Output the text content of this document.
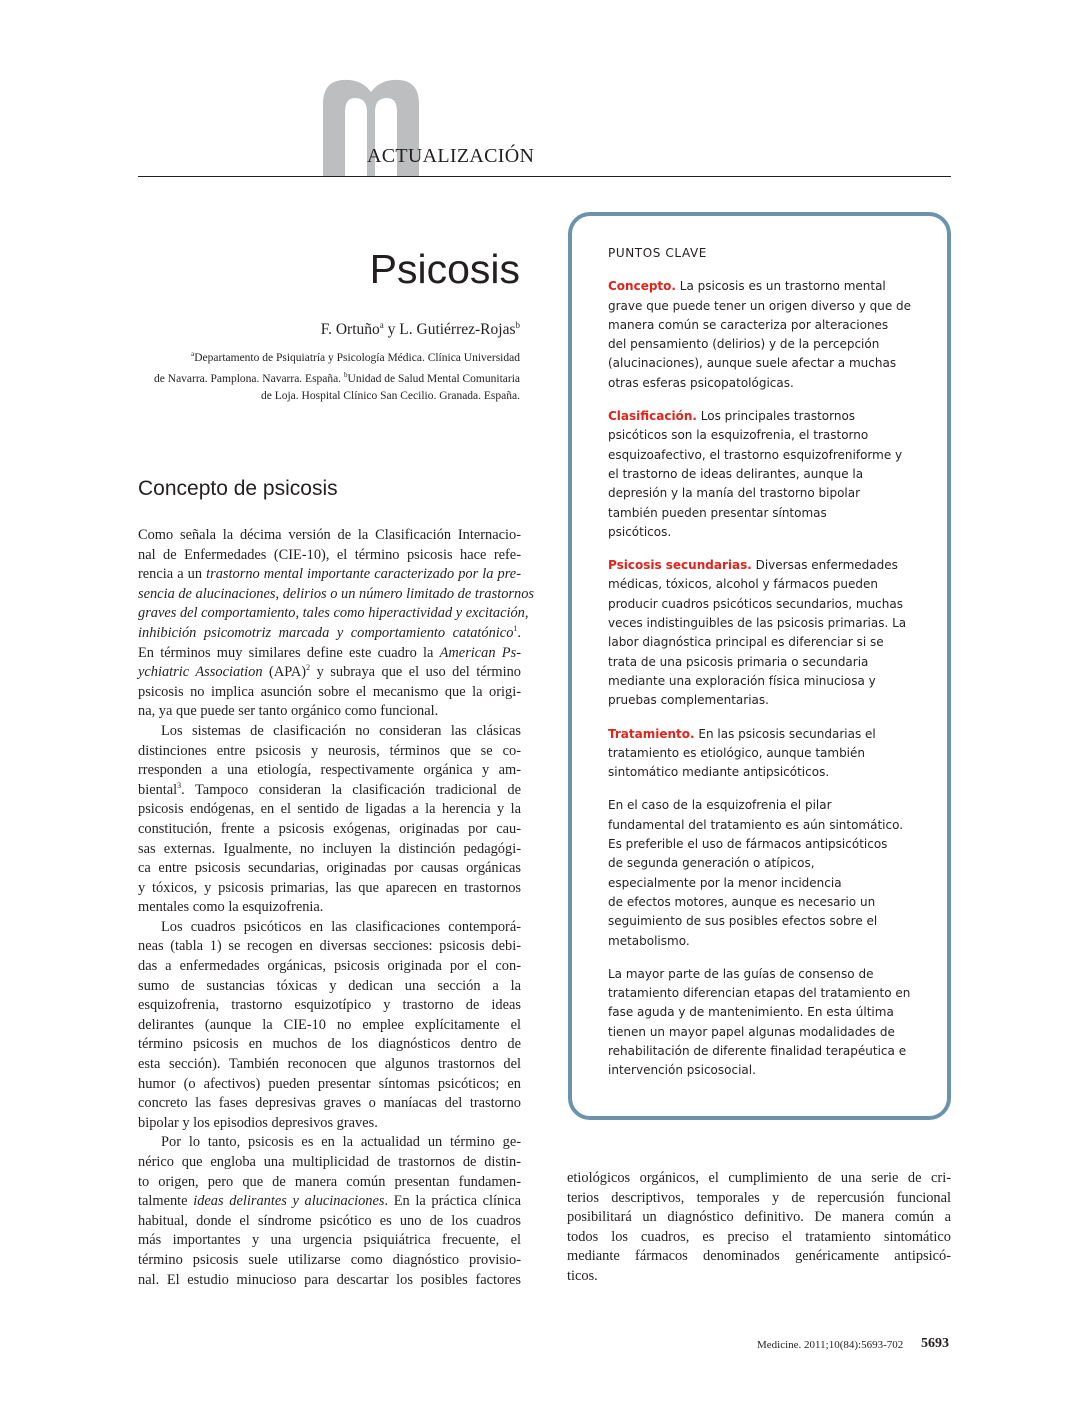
ACTUALIZACIÓN
Psicosis
F. Ortuño$^a$ y L. Gutiérrez-Rojas$^b$
$^a$Departamento de Psiquiatría y Psicología Médica. Clínica Universidad
de Navarra. Pamplona. Navarra. España. $^b$Unidad de Salud Mental Comunitaria
de Loja. Hospital Clínico San Cecilio. Granada. España.
Concepto de psicosis

Como señala la décima versión de la Clasificación Internacio-
nal de Enfermedades (CIE-10), el término psicosis hace refe-
rencia a un trastorno mental importante caracterizado por la pre-
sencia de alucinaciones, delirios o un número limitado de trastornos
graves del comportamiento, tales como hiperactividad y excitación,
inhibición psicomotriz marcada y comportamiento catatónico$^1$.
En términos muy similares define este cuadro la American Ps-
ychiatric Association (APA)$^2$ y subraya que el uso del término
psicosis no implica asunción sobre el mecanismo que la origi-
na, ya que puede ser tanto orgánico como funcional.

Los sistemas de clasificación no consideran las clásicas
distinciones entre psicosis y neurosis, términos que se co-
rresponden a una etiología, respectivamente orgánica y am-
biental$^3$. Tampoco consideran la clasificación tradicional de
psicosis endógenas, en el sentido de ligadas a la herencia y la
constitución, frente a psicosis exógenas, originadas por cau-
sas externas. Igualmente, no incluyen la distinción pedagógi-
ca entre psicosis secundarias, originadas por causas orgánicas
y tóxicos, y psicosis primarias, las que aparecen en trastornos
mentales como la esquizofrenia.

Los cuadros psicóticos en las clasificaciones contemporá-
neas (tabla 1) se recogen en diversas secciones: psicosis debi-
das a enfermedades orgánicas, psicosis originada por el con-
sumo de sustancias tóxicas y dedican una sección a la
esquizofrenia, trastorno esquizotípico y trastorno de ideas
delirantes (aunque la CIE-10 no emplee explícitamente el
término psicosis en muchos de los diagnósticos dentro de
esta sección). También reconocen que algunos trastornos del
humor (o afectivos) pueden presentar síntomas psicóticos; en
concreto las fases depresivas graves o maníacas del trastorno
bipolar y los episodios depresivos graves.

Por lo tanto, psicosis es en la actualidad un término ge-
nérico que engloba una multiplicidad de trastornos de distin-
to origen, pero que de manera común presentan fundamen-
talmente ideas delirantes y alucinaciones. En la práctica clínica
habitual, donde el síndrome psicótico es uno de los cuadros
más importantes y una urgencia psiquiátrica frecuente, el
término psicosis suele utilizarse como diagnóstico provisio-
nal. El estudio minucioso para descartar los posibles factores

PUNTOS CLAVE
Concepto. La psicosis es un trastorno mental
grave que puede tener un origen diverso y que de
manera común se caracteriza por alteraciones
del pensamiento (delirios) y de la percepción
(alucinaciones), aunque suele afectar a muchas
otras esferas psicopatológicas.
Clasificación. Los principales trastornos
psicóticos son la esquizofrenia, el trastorno
esquizoafectivo, el trastorno esquizofreniforme y
el trastorno de ideas delirantes, aunque la
depresión y la manía del trastorno bipolar
también pueden presentar síntomas
psicóticos.
Psicosis secundarias. Diversas enfermedades
médicas, tóxicos, alcohol y fármacos pueden
producir cuadros psicóticos secundarios, muchas
veces indistinguibles de las psicosis primarias. La
labor diagnóstica principal es diferenciar si se
trata de una psicosis primaria o secundaria
mediante una exploración física minuciosa y
pruebas complementarias.
Tratamiento. En las psicosis secundarias el
tratamiento es etiológico, aunque también
sintomático mediante antipsicóticos.
En el caso de la esquizofrenia el pilar
fundamental del tratamiento es aún sintomático.
Es preferible el uso de fármacos antipsicóticos
de segunda generación o atípicos,
especialmente por la menor incidencia
de efectos motores, aunque es necesario un
seguimiento de sus posibles efectos sobre el
metabolismo.
La mayor parte de las guías de consenso de
tratamiento diferencian etapas del tratamiento en
fase aguda y de mantenimiento. En esta última
tienen un mayor papel algunas modalidades de
rehabilitación de diferente finalidad terapéutica e
intervención psicosocial.

etiológicos orgánicos, el cumplimiento de una serie de cri-
terios descriptivos, temporales y de repercusión funcional
posibilitará un diagnóstico definitivo. De manera común a
todos los cuadros, es preciso el tratamiento sintomático
mediante fármacos denominados genéricamente antipsicó-
ticos.

Medicine. 2011;10(84):5693-702 5693
